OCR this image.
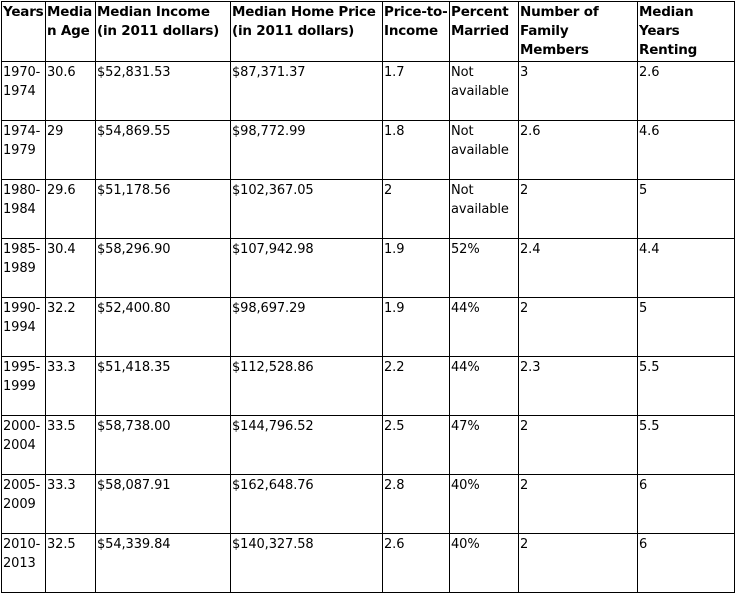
Years	Median Age	Median Income (in 2011 dollars)	Median Home Price (in 2011 dollars)	Price-to-Income	Percent Married	Number of Family Members	Median Years Renting
1970-1974	30.6	$52,831.53	$87,371.37	1.7	Not available	3	2.6
1974-1979	29	$54,869.55	$98,772.99	1.8	Not available	2.6	4.6
1980-1984	29.6	$51,178.56	$102,367.05	2	Not available	2	5
1985-1989	30.4	$58,296.90	$107,942.98	1.9	52%	2.4	4.4
1990-1994	32.2	$52,400.80	$98,697.29	1.9	44%	2	5
1995-1999	33.3	$51,418.35	$112,528.86	2.2	44%	2.3	5.5
2000-2004	33.5	$58,738.00	$144,796.52	2.5	47%	2	5.5
2005-2009	33.3	$58,087.91	$162,648.76	2.8	40%	2	6
2010-2013	32.5	$54,339.84	$140,327.58	2.6	40%	2	6
